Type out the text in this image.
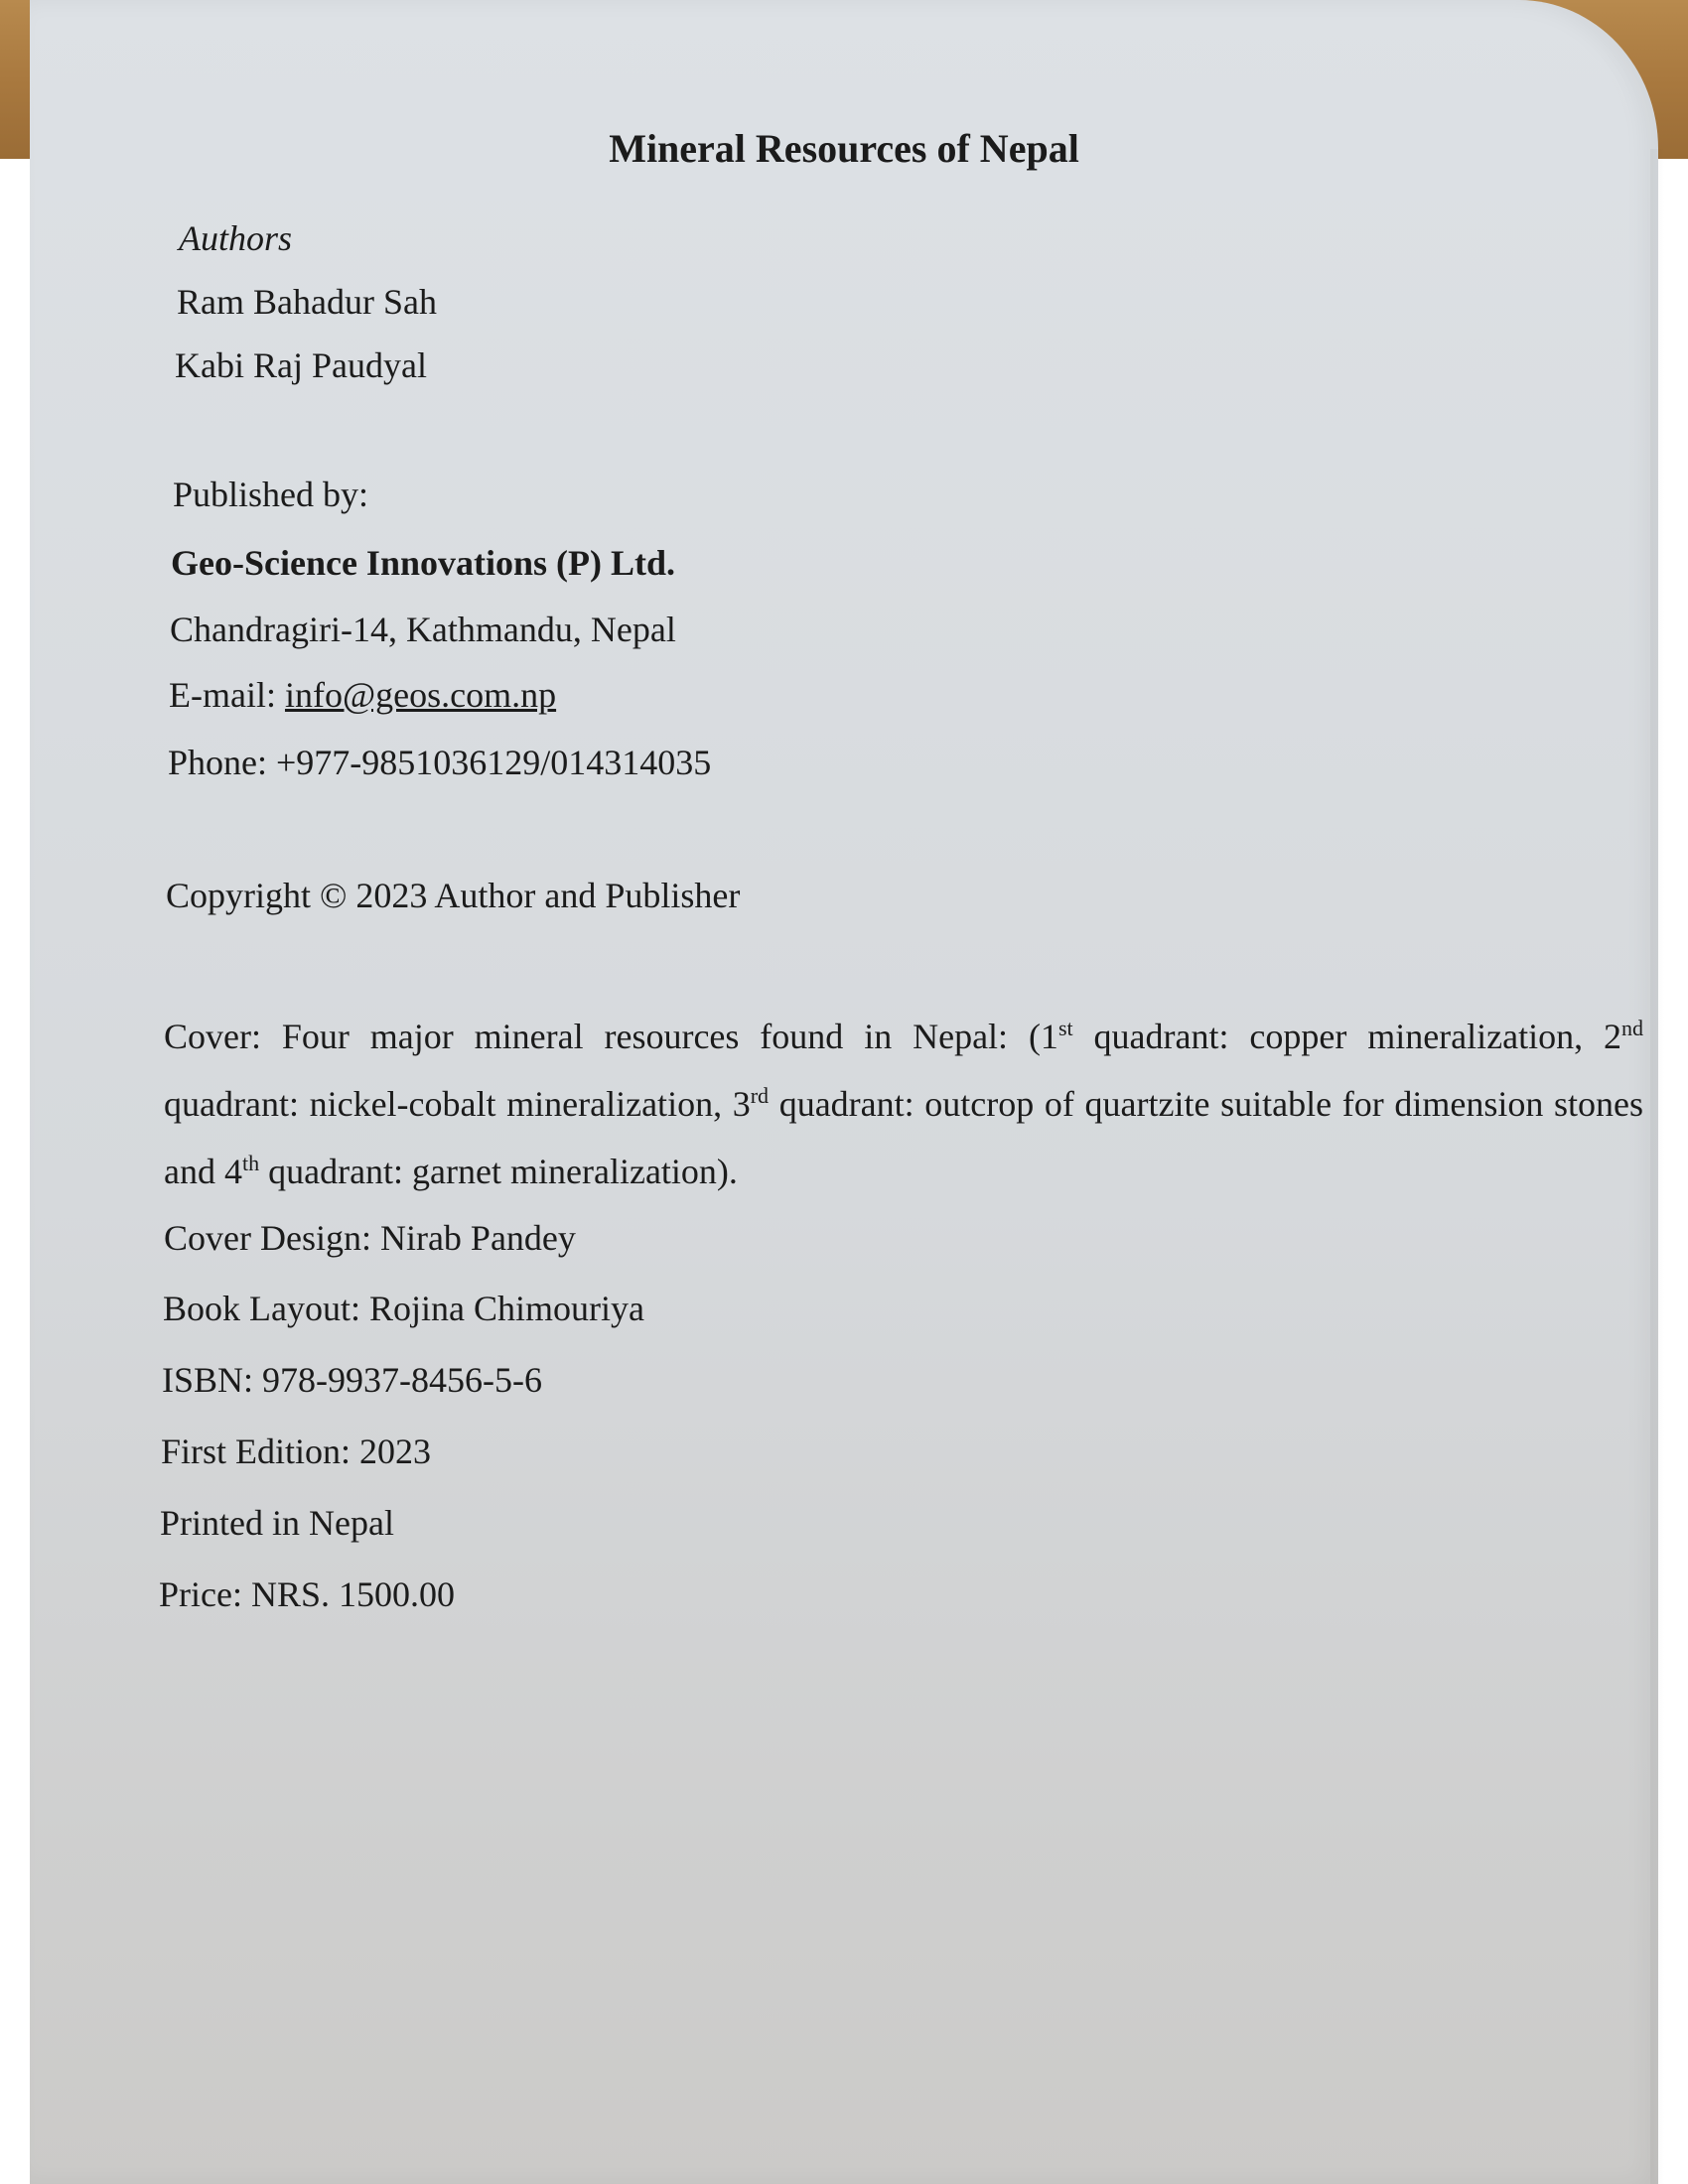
Mineral Resources of Nepal
Authors
Ram Bahadur Sah
Kabi Raj Paudyal
Published by:
Geo-Science Innovations (P) Ltd.
Chandragiri-14, Kathmandu, Nepal
E-mail: info@geos.com.np
Phone: +977-9851036129/014314035
Copyright © 2023 Author and Publisher
Cover: Four major mineral resources found in Nepal: (1st quadrant: copper mineralization, 2nd quadrant: nickel-cobalt mineralization, 3rd quadrant: outcrop of quartzite suitable for dimension stones and 4th quadrant: garnet mineralization).
Cover Design: Nirab Pandey
Book Layout: Rojina Chimouriya
ISBN: 978-9937-8456-5-6
First Edition: 2023
Printed in Nepal
Price: NRS. 1500.00
